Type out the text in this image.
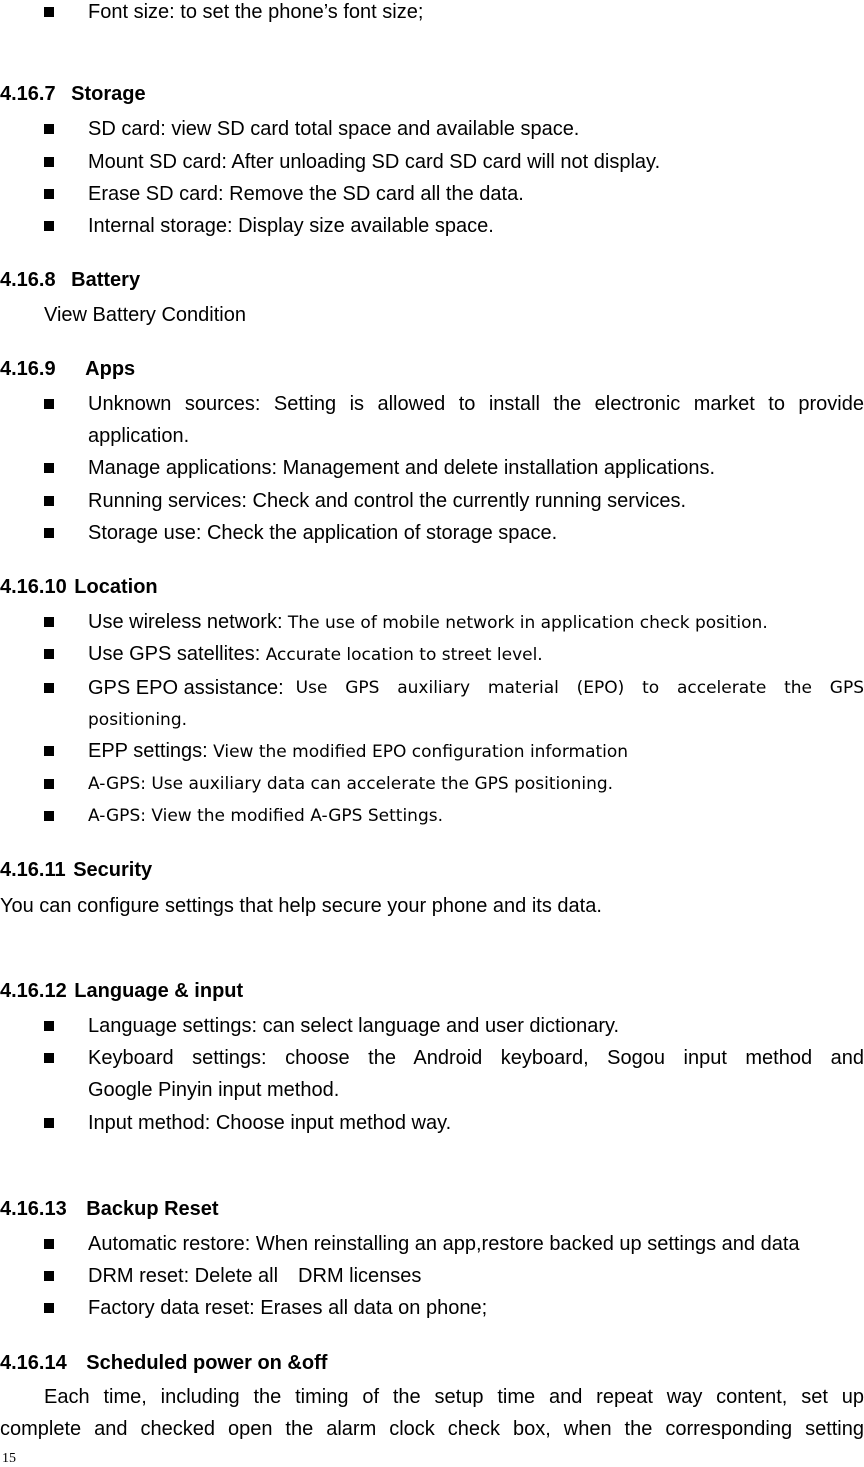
Font size: to set the phone’s font size;
4.16.7 Storage
SD card: view SD card total space and available space.
Mount SD card: After unloading SD card SD card will not display.
Erase SD card: Remove the SD card all the data.
Internal storage: Display size available space.
4.16.8 Battery
View Battery Condition
4.16.9 Apps
Unknown sources: Setting is allowed to install the electronic market to provide
application.
Manage applications: Management and delete installation applications.
Running services: Check and control the currently running services.
Storage use: Check the application of storage space.
4.16.10 Location
Use wireless network: The use of mobile network in application check position.
Use GPS satellites: Accurate location to street level.
GPS EPO assistance: Use GPS auxiliary material (EPO) to accelerate the GPS
positioning.
EPP settings: View the modified EPO configuration information
A-GPS: Use auxiliary data can accelerate the GPS positioning.
A-GPS: View the modified A-GPS Settings.
4.16.11 Security
You can configure settings that help secure your phone and its data.
4.16.12 Language & input
Language settings: can select language and user dictionary.
Keyboard settings: choose the Android keyboard, Sogou input method and
Google Pinyin input method.
Input method: Choose input method way.
4.16.13 Backup Reset
Automatic restore: When reinstalling an app,restore backed up settings and data
DRM reset: Delete all　DRM licenses
Factory data reset: Erases all data on phone;
4.16.14 Scheduled power on &off
Each time, including the timing of the setup time and repeat way content, set up
complete and checked open the alarm clock check box, when the corresponding setting
15
